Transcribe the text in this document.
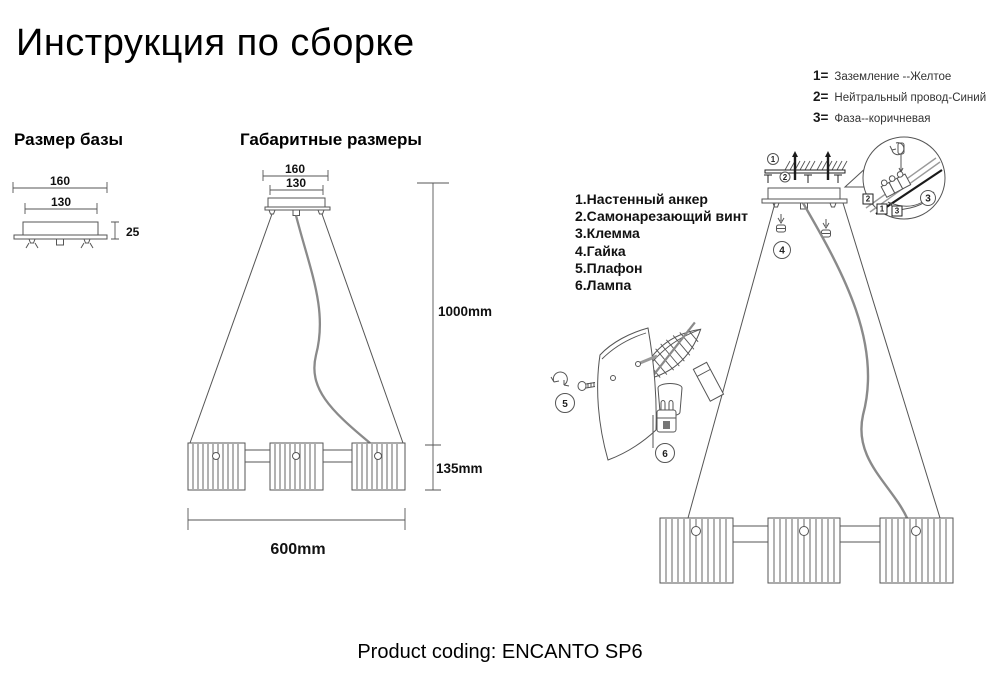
Инструкция по сборке
Размер базы	Габаритные размеры
1= Заземление --Желтое
2= Нейтральный провод-Синий
3= Фаза--коричневая
1.Настенный анкер
2.Самонарезающий винт
3.Клемма
4.Гайка
5.Плафон
6.Лампа
160
130
25
160
130
1000mm
135mm
600mm
1
2
2
1 3
3
4
5
6
Product coding: ENCANTO SP6
